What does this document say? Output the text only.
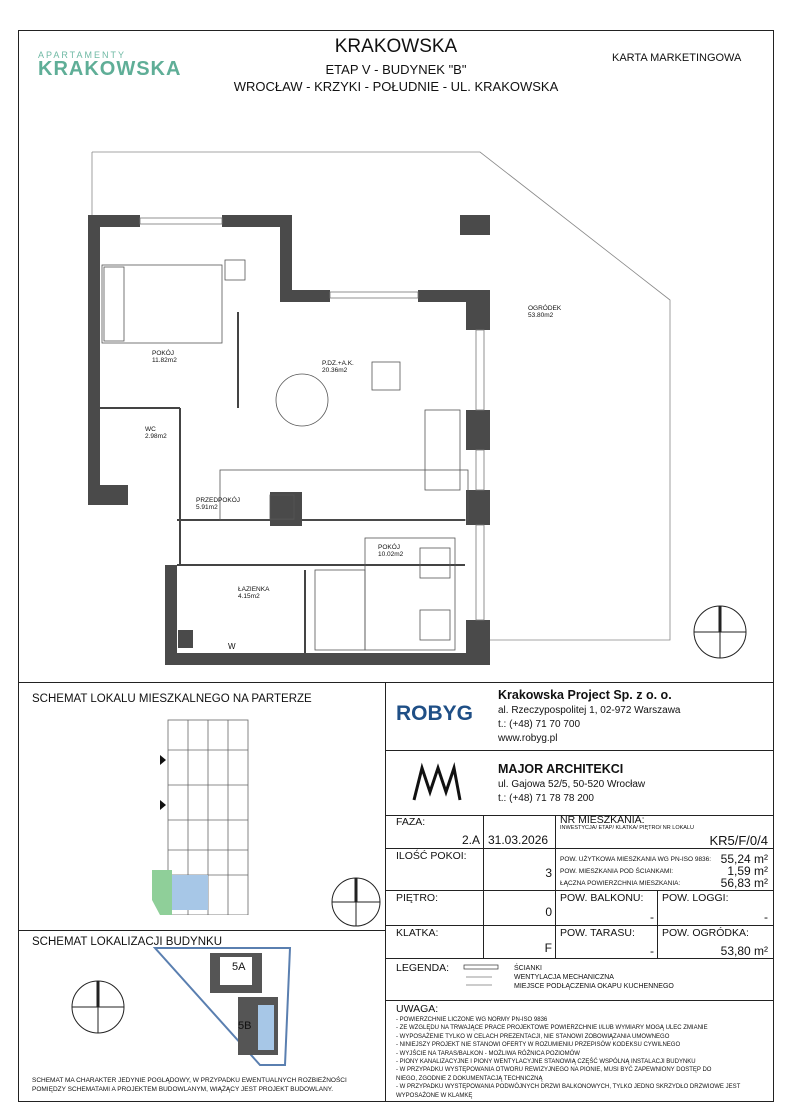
APARTAMENTY
KRAKOWSKA
KRAKOWSKA
ETAP V - BUDYNEK "B"
WROCŁAW - KRZYKI - POŁUDNIE - UL. KRAKOWSKA
KARTA MARKETINGOWA
POKÓJ
11.82m2	P.DZ.+A.K.
20.36m2
WC
2.98m2
PRZEDPOKÓJ
5.91m2
ŁAZIENKA
4.15m2
POKÓJ
10.02m2
OGRÓDEK
53.80m2
W
SCHEMAT LOKALU MIESZKALNEGO NA PARTERZE
SCHEMAT LOKALIZACJI BUDYNKU
5A
5B
SCHEMAT MA CHARAKTER JEDYNIE POGLĄDOWY, W PRZYPADKU EWENTUALNYCH ROZBIEŻNOŚCI POMIĘDZY SCHEMATAMI A PROJEKTEM BUDOWLANYM, WIĄŻĄCY JEST PROJEKT BUDOWLANY.
ROBYG
Krakowska Project Sp. z o. o.
al. Rzeczypospolitej 1, 02-972 Warszawa
t.: (+48) 71 70 700
www.robyg.pl
MAJOR ARCHITEKCI
ul. Gajowa 52/5, 50-520 Wrocław
t.: (+48) 71 78 78 200
FAZA:
2.A 31.03.2026
NR MIESZKANIA:
INWESTYCJA/ ETAP/ KLATKA/ PIĘTRO/ NR LOKALU
KR5/F/0/4
ILOŚĆ POKOI:
3
POW. UŻYTKOWA MIESZKANIA WG PN-ISO 9836: 55,24 m²
POW. MIESZKANIA POD ŚCIANKAMI:	1,59 m²
ŁĄCZNA POWIERZCHNIA MIESZKANIA:	56,83 m²
PIĘTRO:
0
POW. BALKONU:
-
POW. LOGGI:
-
KLATKA:
F
POW. TARASU:
-
POW. OGRÓDKA:
53,80 m²
LEGENDA:	ŚCIANKI
WENTYLACJA MECHANICZNA
MIEJSCE PODŁĄCZENIA OKAPU KUCHENNEGO
UWAGA:
- POWIERZCHNIE LICZONE WG NORMY PN-ISO 9836
- ZE WZGLĘDU NA TRWAJĄCE PRACE PROJEKTOWE POWIERZCHNIE I/LUB WYMIARY MOGĄ ULEC ZMIANIE
- WYPOSAŻENIE TYLKO W CELACH PREZENTACJI, NIE STANOWI ZOBOWIĄZANIA UMOWNEGO
- NINIEJSZY PROJEKT NIE STANOWI OFERTY W ROZUMIENIU PRZEPISÓW KODEKSU CYWILNEGO
- WYJŚCIE NA TARAS/BALKON - MOŻLIWA RÓŻNICA POZIOMÓW
- PIONY KANALIZACYJNE I PIONY WENTYLACYJNE STANOWIĄ CZĘŚĆ WSPÓLNĄ INSTALACJI BUDYNKU
- W PRZYPADKU WYSTĘPOWANIA OTWORU REWIZYJNEGO NA PIONIE, MUSI BYĆ ZAPEWNIONY DOSTĘP DO
NIEGO, ZGODNIE Z DOKUMENTACJĄ TECHNICZNĄ
- W PRZYPADKU WYSTĘPOWANIA PODWÓJNYCH DRZWI BALKONOWYCH, TYLKO JEDNO SKRZYDŁO DRZWIOWE JEST
WYPOSAŻONE W KLAMKĘ
